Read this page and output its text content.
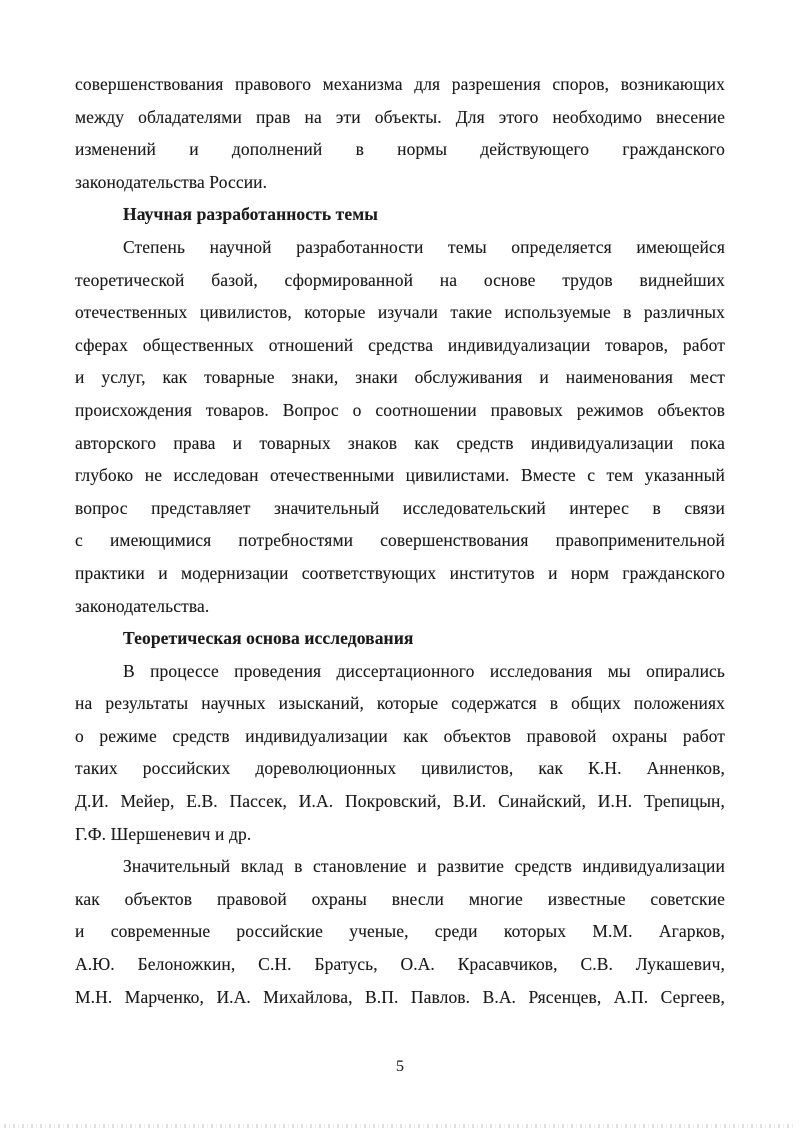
совершенствования правового механизма для разрешения споров, возникающих
между обладателями прав на эти объекты. Для этого необходимо внесение
изменений и дополнений в нормы действующего гражданского
законодательства России.
Научная разработанность темы
Степень научной разработанности темы определяется имеющейся
теоретической базой, сформированной на основе трудов виднейших
отечественных цивилистов, которые изучали такие используемые в различных
сферах общественных отношений средства индивидуализации товаров, работ
и услуг, как товарные знаки, знаки обслуживания и наименования мест
происхождения товаров. Вопрос о соотношении правовых режимов объектов
авторского права и товарных знаков как средств индивидуализации пока
глубоко не исследован отечественными цивилистами. Вместе с тем указанный
вопрос представляет значительный исследовательский интерес в связи
с имеющимися потребностями совершенствования правоприменительной
практики и модернизации соответствующих институтов и норм гражданского
законодательства.
Теоретическая основа исследования
В процессе проведения диссертационного исследования мы опирались
на результаты научных изысканий, которые содержатся в общих положениях
о режиме средств индивидуализации как объектов правовой охраны работ
таких российских дореволюционных цивилистов, как К.Н. Анненков,
Д.И. Мейер, Е.В. Пассек, И.А. Покровский, В.И. Синайский, И.Н. Трепицын,
Г.Ф. Шершеневич и др.
Значительный вклад в становление и развитие средств индивидуализации
как объектов правовой охраны внесли многие известные советские
и современные российские ученые, среди которых М.М. Агарков,
А.Ю. Белоножкин, С.Н. Братусь, О.А. Красавчиков, С.В. Лукашевич,
М.Н. Марченко, И.А. Михайлова, В.П. Павлов. В.А. Рясенцев, А.П. Сергеев,
5
